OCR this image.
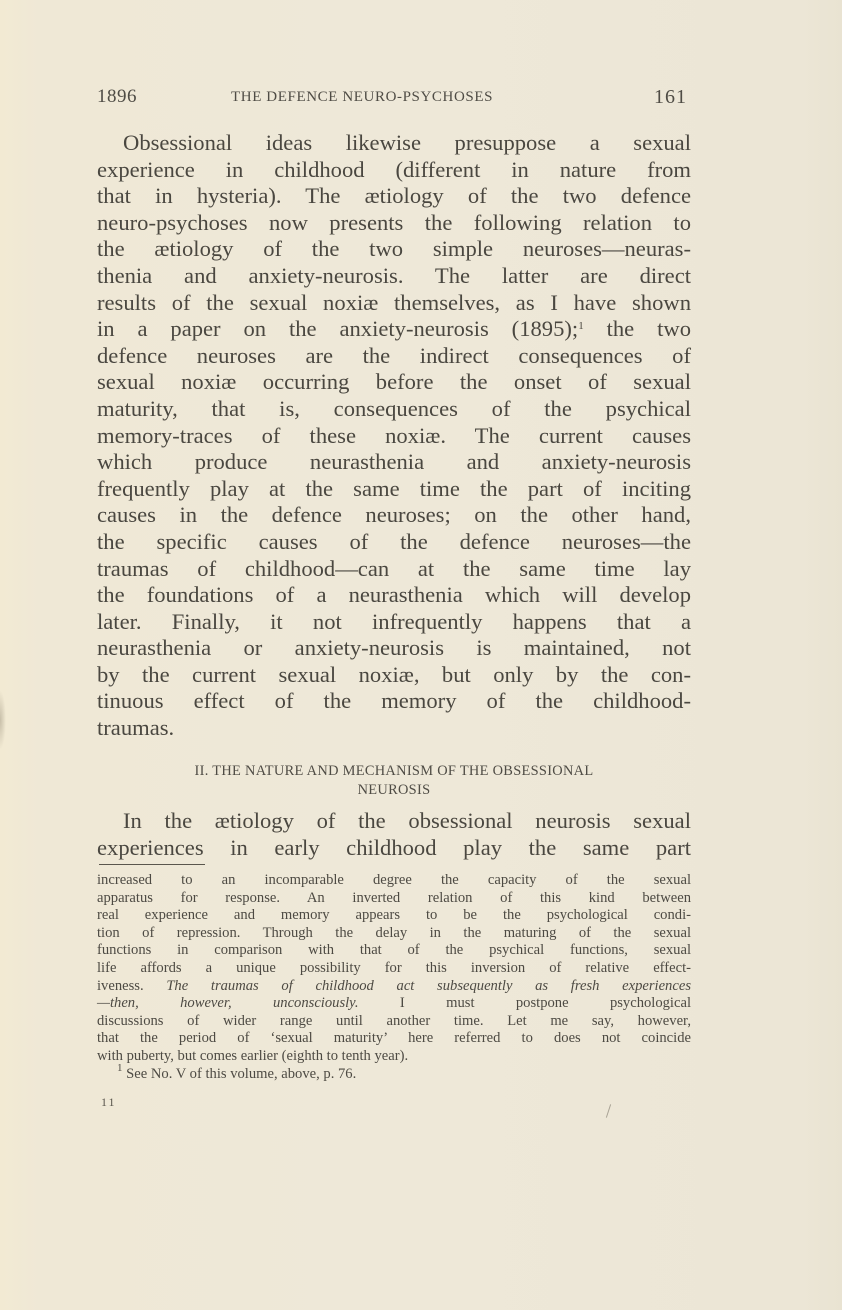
1896	THE DEFENCE NEURO-PSYCHOSES	161
Obsessional ideas likewise presuppose a sexual
experience in childhood (different in nature from
that in hysteria). The ætiology of the two defence
neuro-psychoses now presents the following relation to
the ætiology of the two simple neuroses—neuras-
thenia and anxiety-neurosis. The latter are direct
results of the sexual noxiæ themselves, as I have shown
in a paper on the anxiety-neurosis (1895);$^1$ the two
defence neuroses are the indirect consequences of
sexual noxiæ occurring before the onset of sexual
maturity, that is, consequences of the psychical
memory-traces of these noxiæ. The current causes
which produce neurasthenia and anxiety-neurosis
frequently play at the same time the part of inciting
causes in the defence neuroses; on the other hand,
the specific causes of the defence neuroses—the
traumas of childhood—can at the same time lay
the foundations of a neurasthenia which will develop
later. Finally, it not infrequently happens that a
neurasthenia or anxiety-neurosis is maintained, not
by the current sexual noxiæ, but only by the con-
tinuous effect of the memory of the childhood-
traumas.
II. THE NATURE AND MECHANISM OF THE OBSESSIONAL
NEUROSIS
In the ætiology of the obsessional neurosis sexual
experiences in early childhood play the same part
increased to an incomparable degree the capacity of the sexual
apparatus for response. An inverted relation of this kind between
real experience and memory appears to be the psychological condi-
tion of repression. Through the delay in the maturing of the sexual
functions in comparison with that of the psychical functions, sexual
life affords a unique possibility for this inversion of relative effect-
iveness. The traumas of childhood act subsequently as fresh experiences
—then, however, unconsciously. I must postpone psychological
discussions of wider range until another time. Let me say, however,
that the period of ‘sexual maturity’ here referred to does not coincide
with puberty, but comes earlier (eighth to tenth year).

$^1$ See No. V of this volume, above, p. 76.

11
